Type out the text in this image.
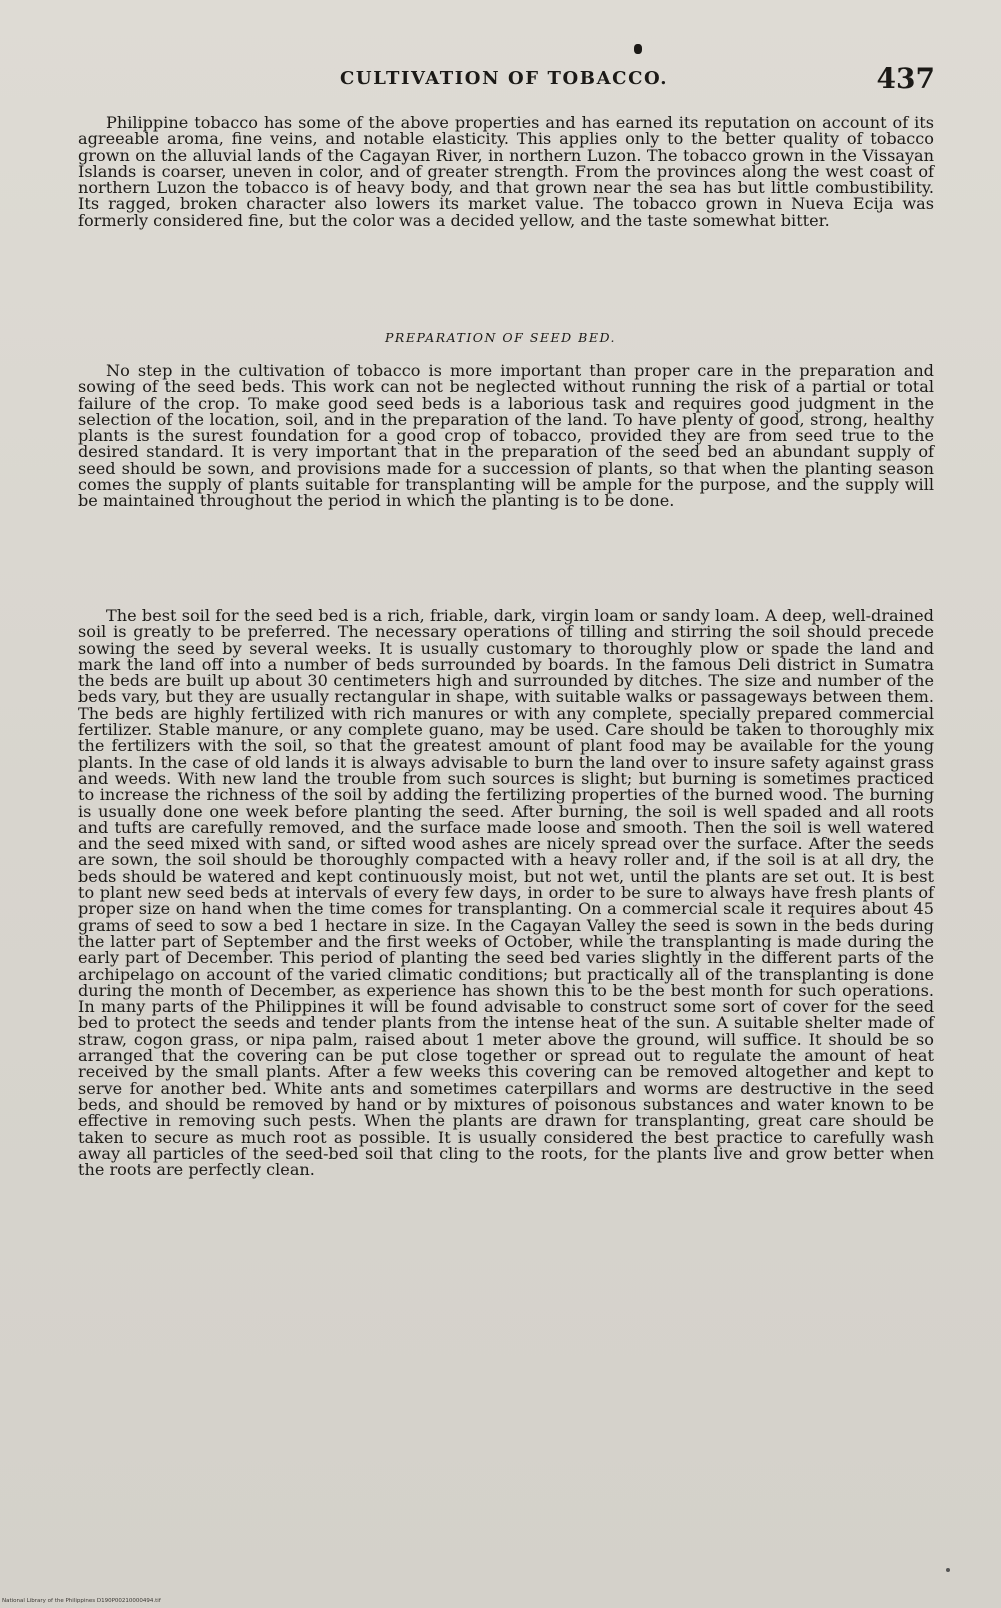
CULTIVATION OF TOBACCO.	437

Philippine tobacco has some of the above properties and has earned its reputation on account of its agreeable aroma, fine veins, and notable elasticity. This applies only to the better quality of tobacco grown on the alluvial lands of the Cagayan River, in northern Luzon. The tobacco grown in the Vissayan Islands is coarser, uneven in color, and of greater strength. From the provinces along the west coast of northern Luzon the tobacco is of heavy body, and that grown near the sea has but little combustibility. Its ragged, broken character also lowers its market value. The tobacco grown in Nueva Ecija was formerly considered fine, but the color was a decided yellow, and the taste somewhat bitter.

PREPARATION OF SEED BED.

No step in the cultivation of tobacco is more important than proper care in the preparation and sowing of the seed beds. This work can not be neglected without running the risk of a partial or total failure of the crop. To make good seed beds is a laborious task and requires good judgment in the selection of the location, soil, and in the preparation of the land. To have plenty of good, strong, healthy plants is the surest foundation for a good crop of tobacco, provided they are from seed true to the desired standard. It is very important that in the preparation of the seed bed an abundant supply of seed should be sown, and provisions made for a succession of plants, so that when the planting season comes the supply of plants suitable for transplanting will be ample for the purpose, and the supply will be maintained throughout the period in which the planting is to be done.

The best soil for the seed bed is a rich, friable, dark, virgin loam or sandy loam. A deep, well-drained soil is greatly to be preferred. The necessary operations of tilling and stirring the soil should precede sowing the seed by several weeks. It is usually customary to thoroughly plow or spade the land and mark the land off into a number of beds surrounded by boards. In the famous Deli district in Sumatra the beds are built up about 30 centimeters high and surrounded by ditches. The size and number of the beds vary, but they are usually rectangular in shape, with suitable walks or passageways between them. The beds are highly fertilized with rich manures or with any complete, specially prepared commercial fertilizer. Stable manure, or any complete guano, may be used. Care should be taken to thoroughly mix the fertilizers with the soil, so that the greatest amount of plant food may be available for the young plants. In the case of old lands it is always advisable to burn the land over to insure safety against grass and weeds. With new land the trouble from such sources is slight; but burning is sometimes practiced to increase the richness of the soil by adding the fertilizing properties of the burned wood. The burning is usually done one week before planting the seed. After burning, the soil is well spaded and all roots and tufts are carefully removed, and the surface made loose and smooth. Then the soil is well watered and the seed mixed with sand, or sifted wood ashes are nicely spread over the surface. After the seeds are sown, the soil should be thoroughly compacted with a heavy roller and, if the soil is at all dry, the beds should be watered and kept continuously moist, but not wet, until the plants are set out. It is best to plant new seed beds at intervals of every few days, in order to be sure to always have fresh plants of proper size on hand when the time comes for transplanting. On a commercial scale it requires about 45 grams of seed to sow a bed 1 hectare in size. In the Cagayan Valley the seed is sown in the beds during the latter part of September and the first weeks of October, while the transplanting is made during the early part of December. This period of planting the seed bed varies slightly in the different parts of the archipelago on account of the varied climatic conditions; but practically all of the transplanting is done during the month of December, as experience has shown this to be the best month for such operations. In many parts of the Philippines it will be found advisable to construct some sort of cover for the seed bed to protect the seeds and tender plants from the intense heat of the sun. A suitable shelter made of straw, cogon grass, or nipa palm, raised about 1 meter above the ground, will suffice. It should be so arranged that the covering can be put close together or spread out to regulate the amount of heat received by the small plants. After a few weeks this covering can be removed altogether and kept to serve for another bed. White ants and sometimes caterpillars and worms are destructive in the seed beds, and should be removed by hand or by mixtures of poisonous substances and water known to be effective in removing such pests. When the plants are drawn for transplanting, great care should be taken to secure as much root as possible. It is usually considered the best practice to carefully wash away all particles of the seed-bed soil that cling to the roots, for the plants live and grow better when the roots are perfectly clean.

National Library of the Philippines D190P00210000494.tif
